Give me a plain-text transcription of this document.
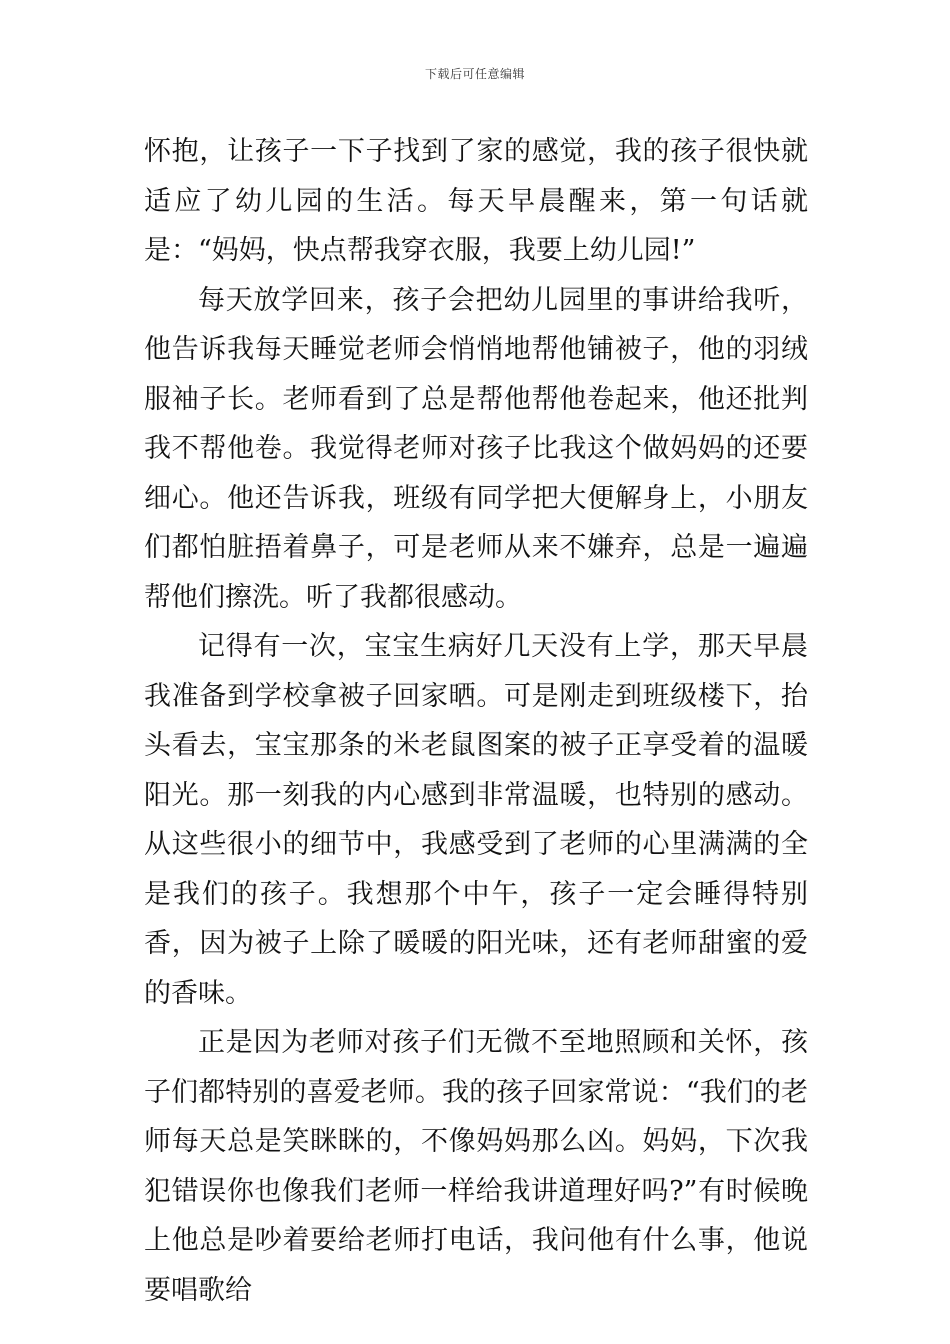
下载后可任意编辑

怀抱，让孩子一下子找到了家的感觉，我的孩子很快就适应了幼儿园的生活。每天早晨醒来，第一句话就是：“妈妈，快点帮我穿衣服，我要上幼儿园!”

每天放学回来，孩子会把幼儿园里的事讲给我听，他告诉我每天睡觉老师会悄悄地帮他铺被子，他的羽绒服袖子长。老师看到了总是帮他帮他卷起来，他还批判我不帮他卷。我觉得老师对孩子比我这个做妈妈的还要细心。他还告诉我，班级有同学把大便解身上，小朋友们都怕脏捂着鼻子，可是老师从来不嫌弃，总是一遍遍帮他们擦洗。听了我都很感动。

记得有一次，宝宝生病好几天没有上学，那天早晨我准备到学校拿被子回家晒。可是刚走到班级楼下，抬头看去，宝宝那条的米老鼠图案的被子正享受着的温暖阳光。那一刻我的内心感到非常温暖，也特别的感动。从这些很小的细节中，我感受到了老师的心里满满的全是我们的孩子。我想那个中午，孩子一定会睡得特别香，因为被子上除了暖暖的阳光味，还有老师甜蜜的爱的香味。

正是因为老师对孩子们无微不至地照顾和关怀，孩子们都特别的喜爱老师。我的孩子回家常说：“我们的老师每天总是笑眯眯的，不像妈妈那么凶。妈妈，下次我犯错误你也像我们老师一样给我讲道理好吗?”有时候晚上他总是吵着要给老师打电话，我问他有什么事，他说要唱歌给
